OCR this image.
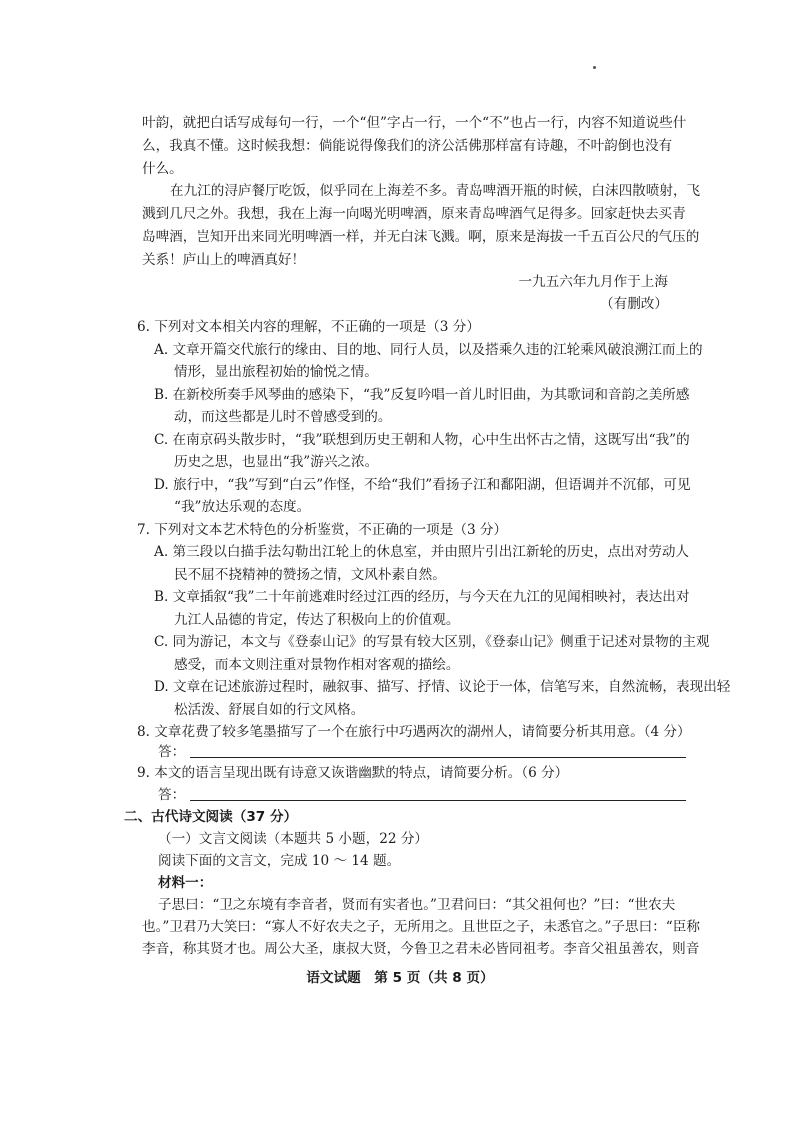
叶韵，就把白话写成每句一行，一个“但”字占一行，一个“不”也占一行，内容不知道说些什

么，我真不懂。这时候我想：倘能说得像我们的济公活佛那样富有诗趣，不叶韵倒也没有

什么。

在九江的浔庐餐厅吃饭，似乎同在上海差不多。青岛啤酒开瓶的时候，白沫四散喷射，飞

溅到几尺之外。我想，我在上海一向喝光明啤酒，原来青岛啤酒气足得多。回家赶快去买青

岛啤酒，岂知开出来同光明啤酒一样，并无白沫飞溅。啊，原来是海拔一千五百公尺的气压的

关系！庐山上的啤酒真好！

一九五六年九月作于上海

（有删改）

6. 下列对文本相关内容的理解，不正确的一项是（3 分）

A. 文章开篇交代旅行的缘由、目的地、同行人员，以及搭乘久违的江轮乘风破浪溯江而上的

情形，显出旅程初始的愉悦之情。

B. 在新校所奏手风琴曲的感染下，“我”反复吟唱一首儿时旧曲，为其歌词和音韵之美所感

动，而这些都是儿时不曾感受到的。

C. 在南京码头散步时，“我”联想到历史王朝和人物，心中生出怀古之情，这既写出“我”的

历史之思，也显出“我”游兴之浓。

D. 旅行中，“我”写到“白云”作怪，不给“我们”看扬子江和鄱阳湖，但语调并不沉郁，可见

“我”放达乐观的态度。

7. 下列对文本艺术特色的分析鉴赏，不正确的一项是（3 分）

A. 第三段以白描手法勾勒出江轮上的休息室，并由照片引出江新轮的历史，点出对劳动人

民不屈不挠精神的赞扬之情，文风朴素自然。

B. 文章插叙“我”二十年前逃难时经过江西的经历，与今天在九江的见闻相映衬，表达出对

九江人品德的肯定，传达了积极向上的价值观。

C. 同为游记，本文与《登泰山记》的写景有较大区别，《登泰山记》侧重于记述对景物的主观

感受，而本文则注重对景物作相对客观的描绘。

D. 文章在记述旅游过程时，融叙事、描写、抒情、议论于一体，信笔写来，自然流畅，表现出轻

松活泼、舒展自如的行文风格。

8. 文章花费了较多笔墨描写了一个在旅行中巧遇两次的湖州人，请简要分析其用意。（4 分）

答：

9. 本文的语言呈现出既有诗意又诙谐幽默的特点，请简要分析。（6 分）

答：

二、古代诗文阅读（37 分）

（一）文言文阅读（本题共 5 小题，22 分）

阅读下面的文言文，完成 10 ～ 14 题。

语文试题　第 5 页（共 8 页）

材料一：

子思曰：“卫之东境有李音者，贤而有实者也。”卫君问曰：“其父祖何也？”曰：“世农夫

也。”卫君乃大笑曰：“寡人不好农夫之子，无所用之。且世臣之子，未悉官之。”子思曰：“臣称

李音，称其贤才也。周公大圣，康叔大贤，今鲁卫之君未必皆同祖考。李音父祖虽善农，则音
